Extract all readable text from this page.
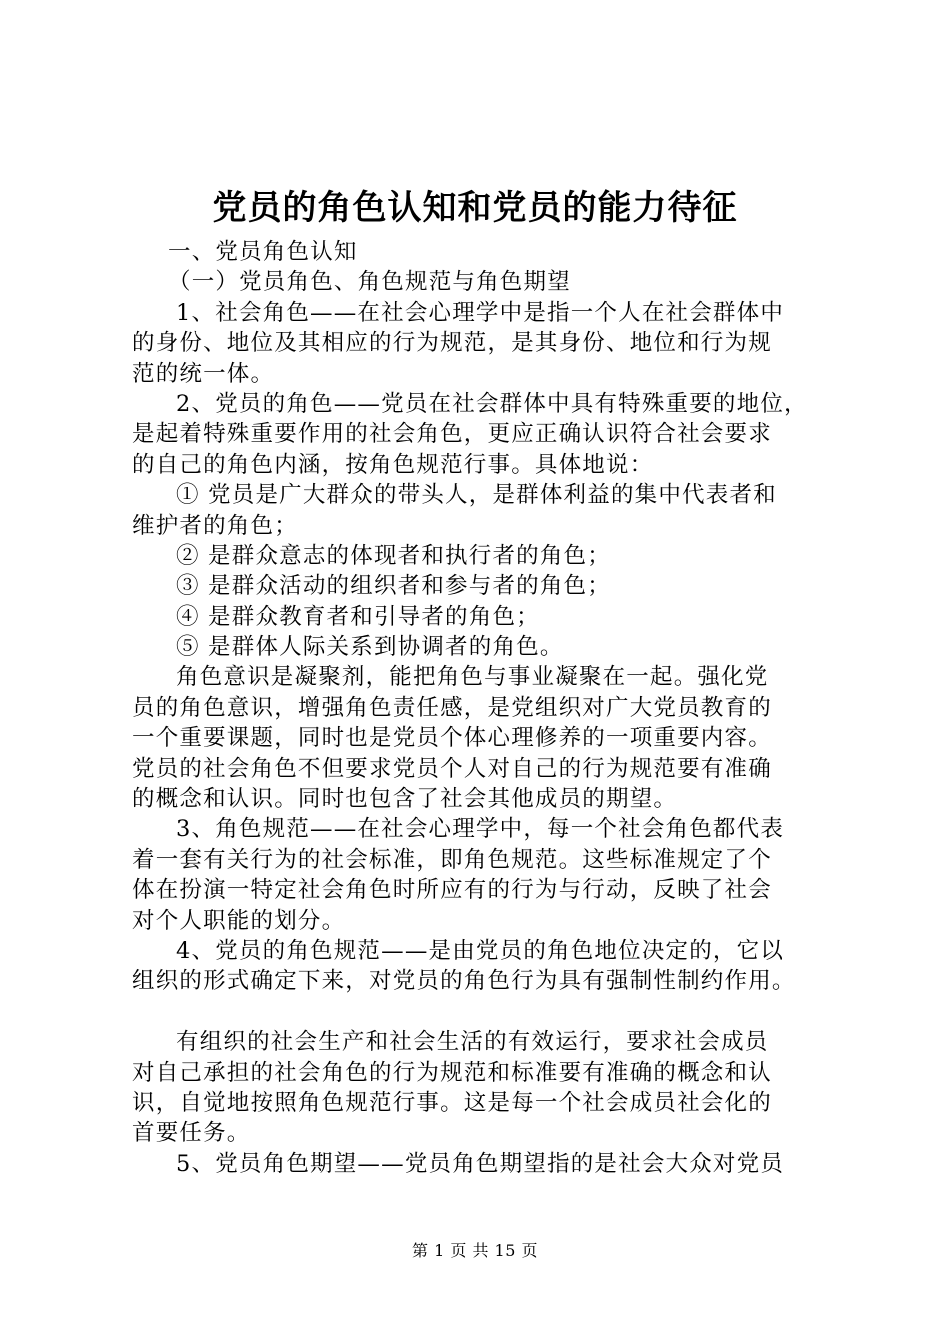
党员的角色认知和党员的能力待征
一、党员角色认知
（一）党员角色、角色规范与角色期望
1、社会角色——在社会心理学中是指一个人在社会群体中
的身份、地位及其相应的行为规范，是其身份、地位和行为规
范的统一体。
2、党员的角色——党员在社会群体中具有特殊重要的地位，
是起着特殊重要作用的社会角色，更应正确认识符合社会要求
的自己的角色内涵，按角色规范行事。具体地说：
① 党员是广大群众的带头人，是群体利益的集中代表者和
维护者的角色；
② 是群众意志的体现者和执行者的角色；
③ 是群众活动的组织者和参与者的角色；
④ 是群众教育者和引导者的角色；
⑤ 是群体人际关系到协调者的角色。
角色意识是凝聚剂，能把角色与事业凝聚在一起。强化党
员的角色意识，增强角色责任感，是党组织对广大党员教育的
一个重要课题，同时也是党员个体心理修养的一项重要内容。
党员的社会角色不但要求党员个人对自己的行为规范要有准确
的概念和认识。同时也包含了社会其他成员的期望。
3、角色规范——在社会心理学中，每一个社会角色都代表
着一套有关行为的社会标准，即角色规范。这些标准规定了个
体在扮演一特定社会角色时所应有的行为与行动，反映了社会
对个人职能的划分。
4、党员的角色规范——是由党员的角色地位决定的，它以
组织的形式确定下来，对党员的角色行为具有强制性制约作用。
有组织的社会生产和社会生活的有效运行，要求社会成员
对自己承担的社会角色的行为规范和标准要有准确的概念和认
识，自觉地按照角色规范行事。这是每一个社会成员社会化的
首要任务。
5、党员角色期望——党员角色期望指的是社会大众对党员
第 1 页 共 15 页
